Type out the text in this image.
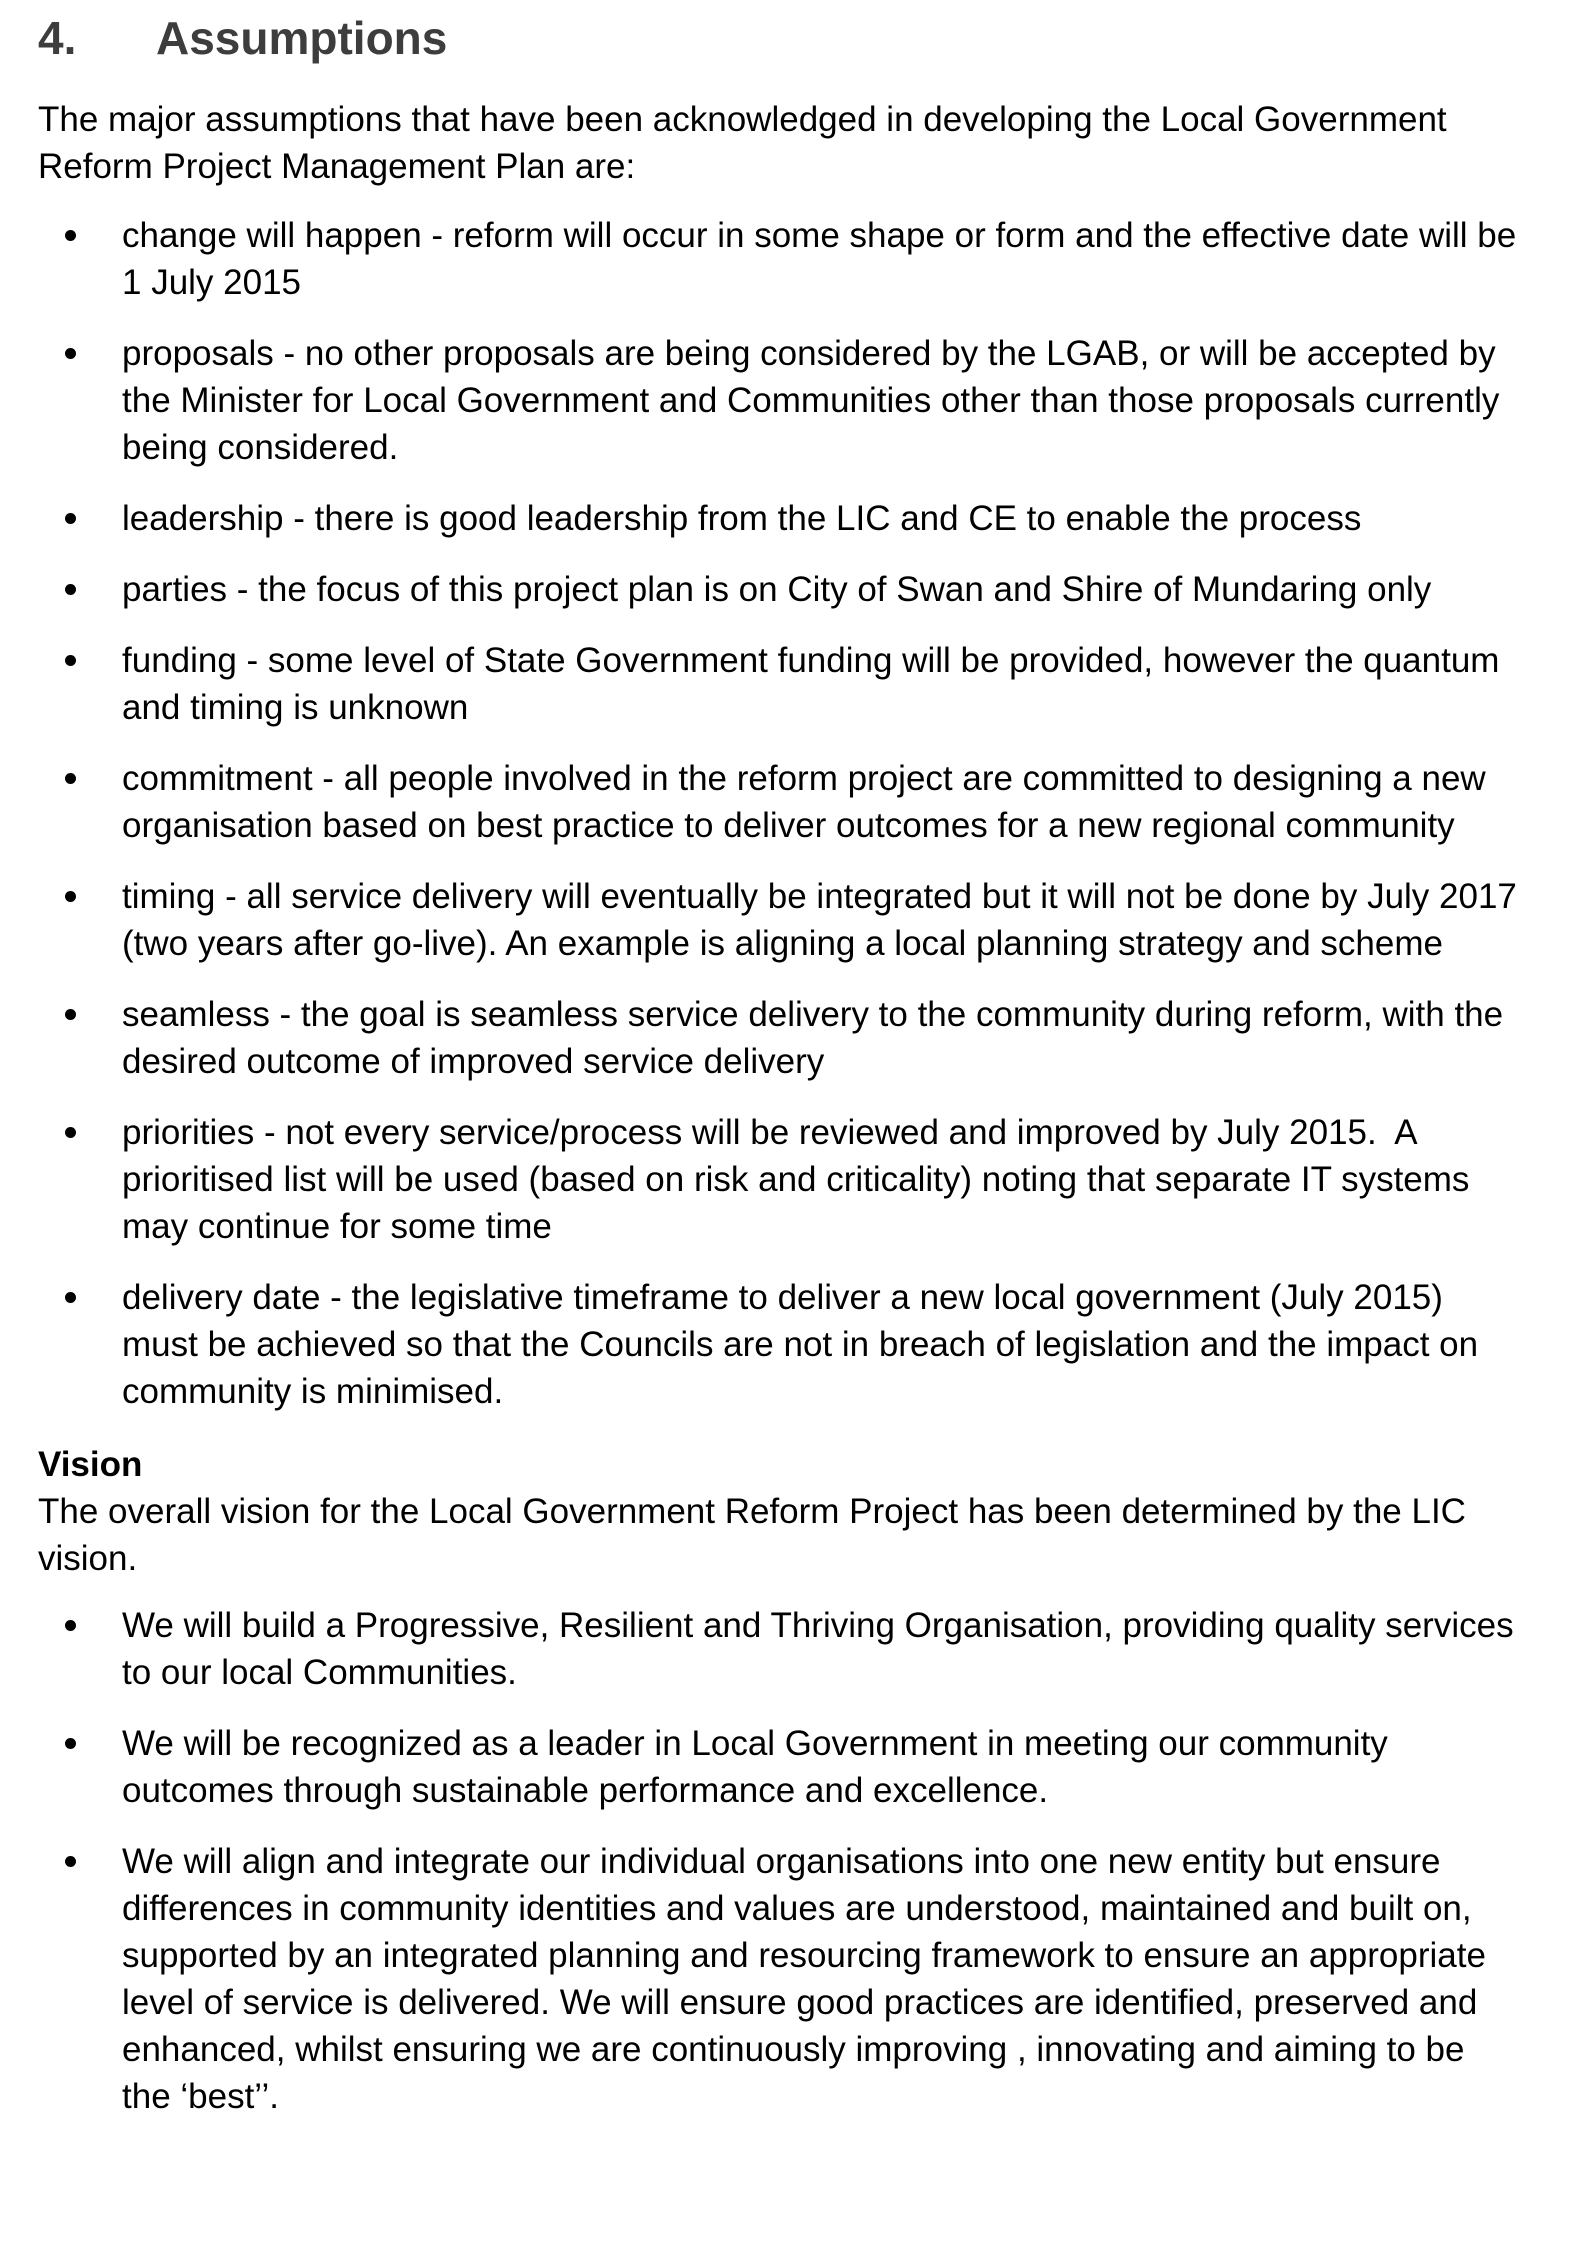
4.	Assumptions

The major assumptions that have been acknowledged in developing the Local Government Reform Project Management Plan are:

change will happen - reform will occur in some shape or form and the effective date will be 1 July 2015
proposals - no other proposals are being considered by the LGAB, or will be accepted by the Minister for Local Government and Communities other than those proposals currently being considered.
leadership - there is good leadership from the LIC and CE to enable the process
parties - the focus of this project plan is on City of Swan and Shire of Mundaring only
funding - some level of State Government funding will be provided, however the quantum and timing is unknown
commitment - all people involved in the reform project are committed to designing a new organisation based on best practice to deliver outcomes for a new regional community
timing - all service delivery will eventually be integrated but it will not be done by July 2017 (two years after go-live). An example is aligning a local planning strategy and scheme
seamless - the goal is seamless service delivery to the community during reform, with the desired outcome of improved service delivery
priorities - not every service/process will be reviewed and improved by July 2015.  A prioritised list will be used (based on risk and criticality) noting that separate IT systems may continue for some time
delivery date - the legislative timeframe to deliver a new local government (July 2015) must be achieved so that the Councils are not in breach of legislation and the impact on community is minimised.
Vision

The overall vision for the Local Government Reform Project has been determined by the LIC vision.

We will build a Progressive, Resilient and Thriving Organisation, providing quality services to our local Communities.
We will be recognized as a leader in Local Government in meeting our community outcomes through sustainable performance and excellence.
We will align and integrate our individual organisations into one new entity but ensure differences in community identities and values are understood, maintained and built on, supported by an integrated planning and resourcing framework to ensure an appropriate level of service is delivered. We will ensure good practices are identified, preserved and enhanced, whilst ensuring we are continuously improving , innovating and aiming to be the ‘best’’.
